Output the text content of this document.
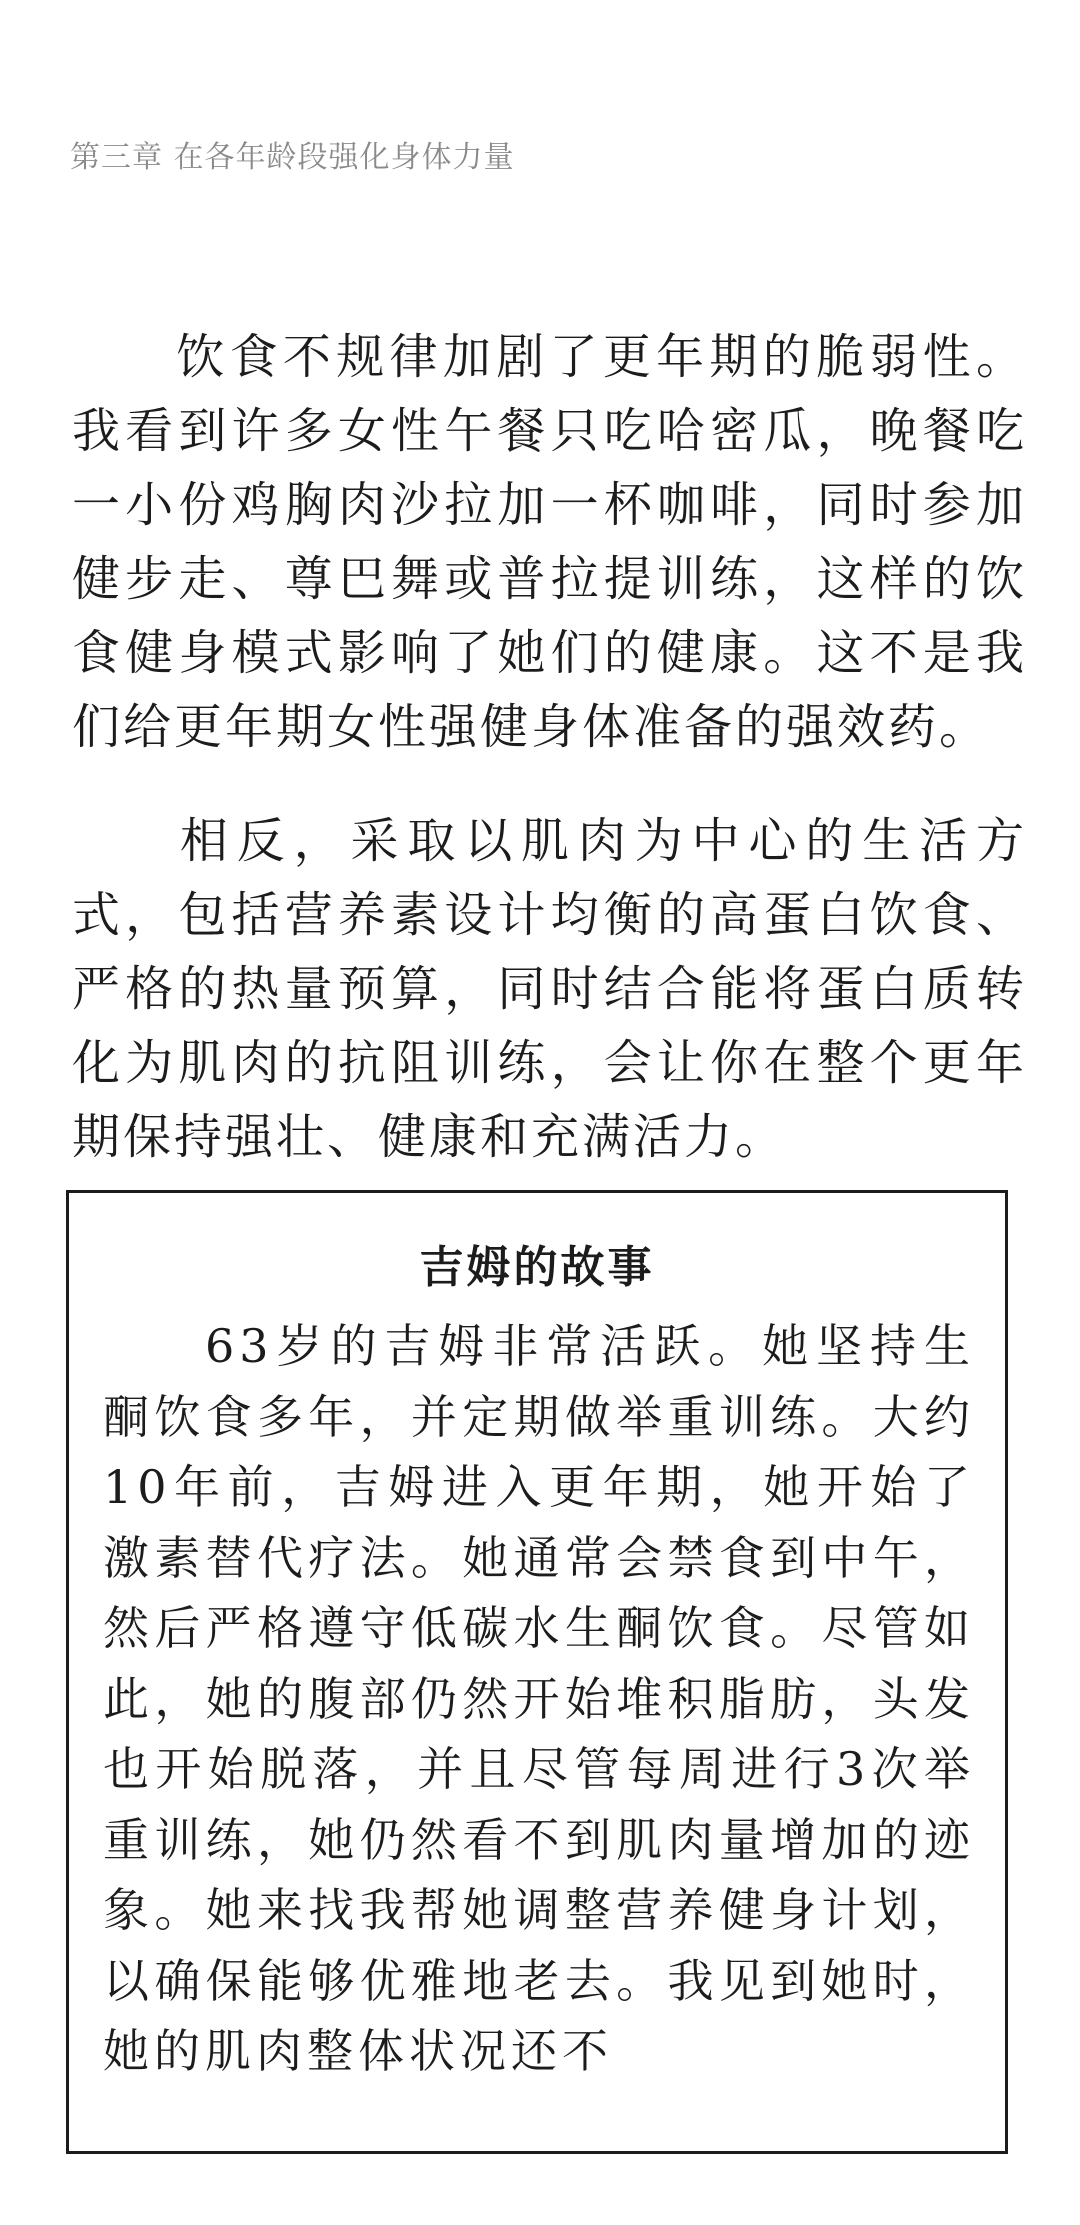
第三章 在各年龄段强化身体力量

饮食不规律加剧了更年期的脆弱性。我看到许多女性午餐只吃哈密瓜，晚餐吃一小份鸡胸肉沙拉加一杯咖啡，同时参加健步走、尊巴舞或普拉提训练，这样的饮食健身模式影响了她们的健康。这不是我们给更年期女性强健身体准备的强效药。

相反，采取以肌肉为中心的生活方式，包括营养素设计均衡的高蛋白饮食、严格的热量预算，同时结合能将蛋白质转化为肌肉的抗阻训练，会让你在整个更年期保持强壮、健康和充满活力。

吉姆的故事

63岁的吉姆非常活跃。她坚持生酮饮食多年，并定期做举重训练。大约10年前，吉姆进入更年期，她开始了激素替代疗法。她通常会禁食到中午，然后严格遵守低碳水生酮饮食。尽管如此，她的腹部仍然开始堆积脂肪，头发也开始脱落，并且尽管每周进行3次举重训练，她仍然看不到肌肉量增加的迹象。她来找我帮她调整营养健身计划，以确保能够优雅地老去。我见到她时，她的肌肉整体状况还不
